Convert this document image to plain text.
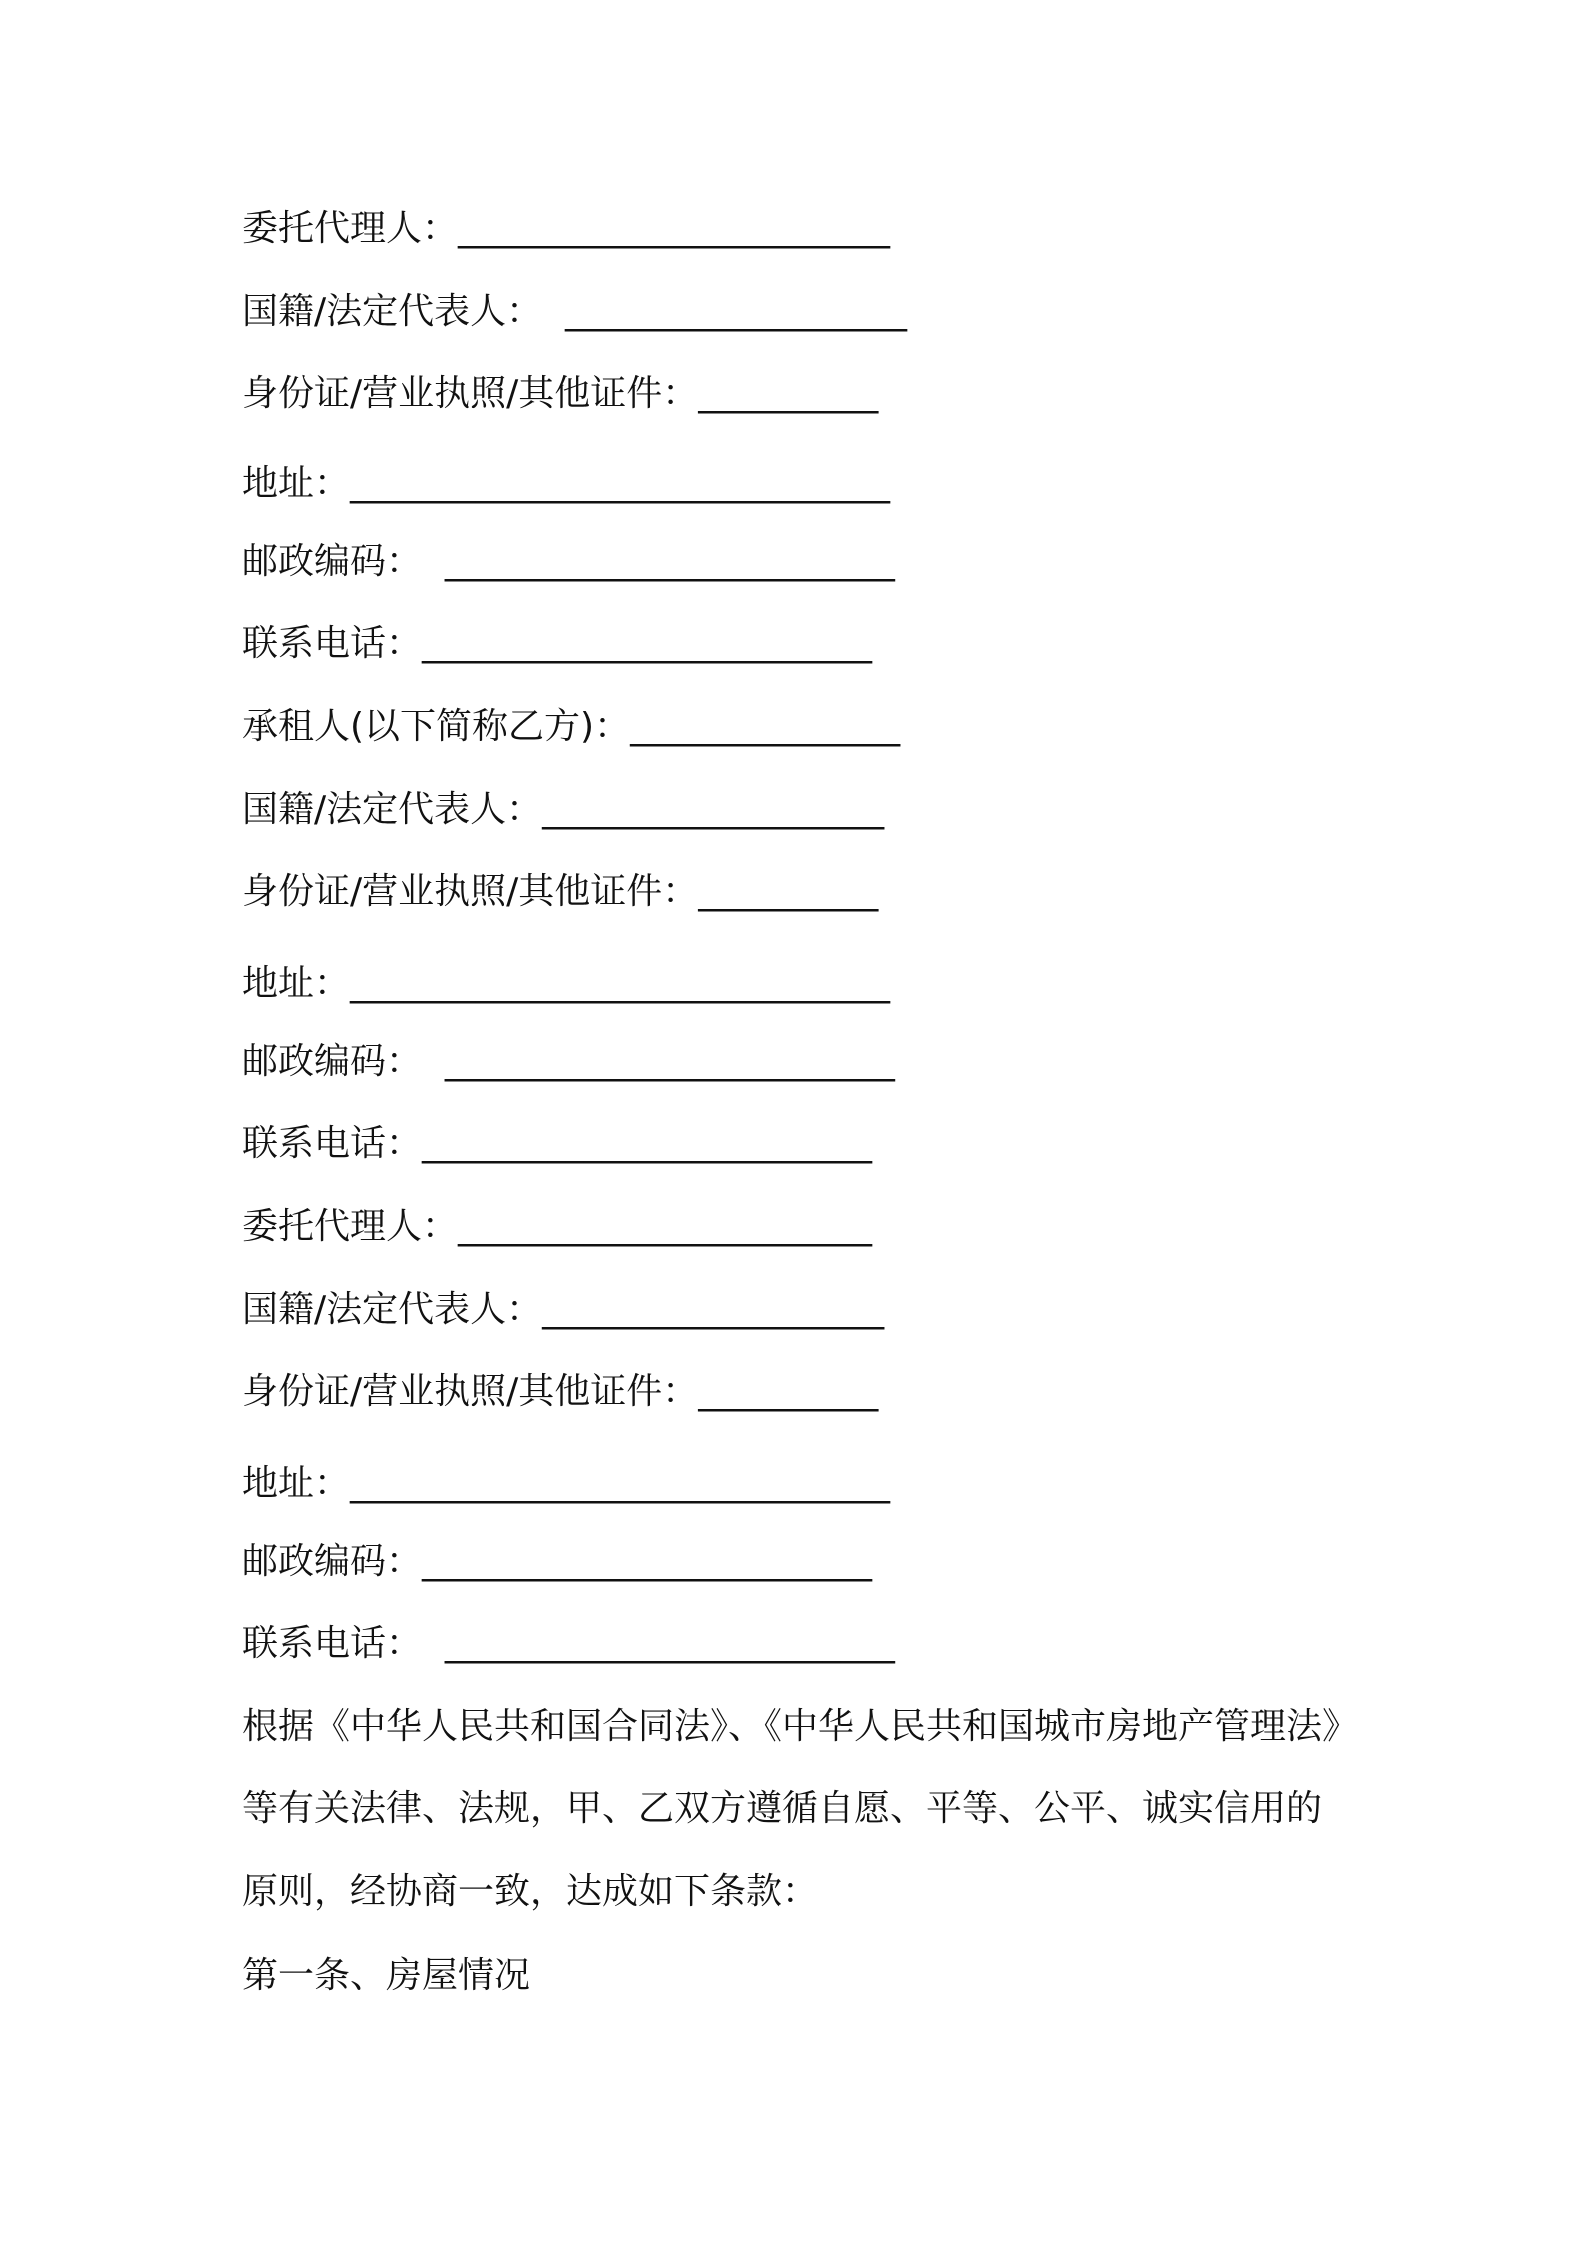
委托代理人：________________________
国籍/法定代表人：  ___________________
身份证/营业执照/其他证件：__________
地址：______________________________
邮政编码：  _________________________
联系电话：_________________________
承租人(以下简称乙方)：_______________
国籍/法定代表人：___________________
身份证/营业执照/其他证件：__________
地址：______________________________
邮政编码：  _________________________
联系电话：_________________________
委托代理人：_______________________
国籍/法定代表人：___________________
身份证/营业执照/其他证件：__________
地址：______________________________
邮政编码：_________________________
联系电话：  _________________________
根据《中华人民共和国合同法》、《中华人民共和国城市房地产管理法》
等有关法律、法规，甲、乙双方遵循自愿、平等、公平、诚实信用的
原则，经协商一致，达成如下条款：
第一条、房屋情况
